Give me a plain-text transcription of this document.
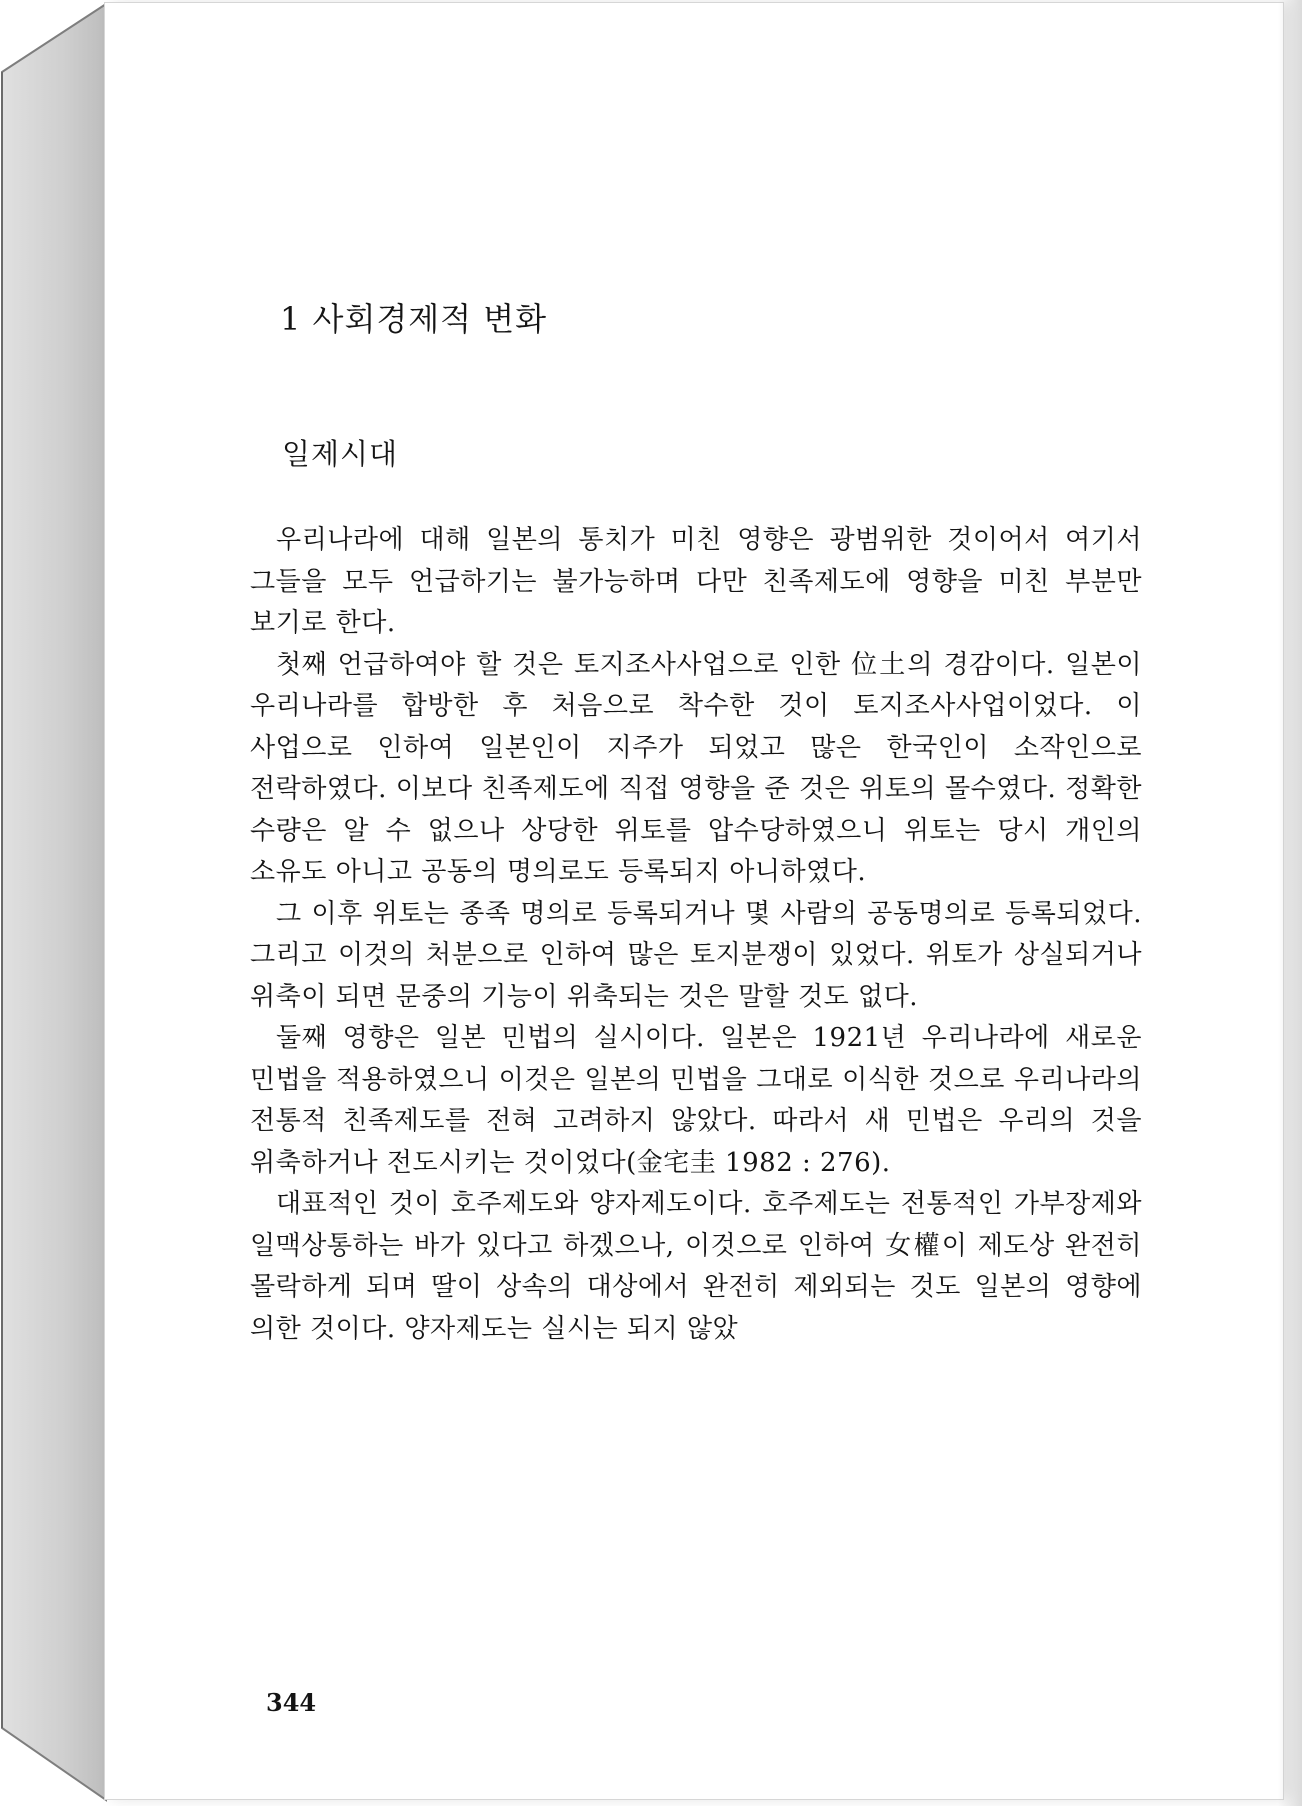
1 사회경제적 변화
일제시대

우리나라에 대해 일본의 통치가 미친 영향은 광범위한 것이어서 여기서 그들을 모두 언급하기는 불가능하며 다만 친족제도에 영향을 미친 부분만 보기로 한다.

첫째 언급하여야 할 것은 토지조사사업으로 인한 位土의 경감이다. 일본이 우리나라를 합방한 후 처음으로 착수한 것이 토지조사사업이었다. 이 사업으로 인하여 일본인이 지주가 되었고 많은 한국인이 소작인으로 전락하였다. 이보다 친족제도에 직접 영향을 준 것은 위토의 몰수였다. 정확한 수량은 알 수 없으나 상당한 위토를 압수당하였으니 위토는 당시 개인의 소유도 아니고 공동의 명의로도 등록되지 아니하였다.

그 이후 위토는 종족 명의로 등록되거나 몇 사람의 공동명의로 등록되었다. 그리고 이것의 처분으로 인하여 많은 토지분쟁이 있었다. 위토가 상실되거나 위축이 되면 문중의 기능이 위축되는 것은 말할 것도 없다.

둘째 영향은 일본 민법의 실시이다. 일본은 1921년 우리나라에 새로운 민법을 적용하였으니 이것은 일본의 민법을 그대로 이식한 것으로 우리나라의 전통적 친족제도를 전혀 고려하지 않았다. 따라서 새 민법은 우리의 것을 위축하거나 전도시키는 것이었다(金宅圭 1982 : 276).

대표적인 것이 호주제도와 양자제도이다. 호주제도는 전통적인 가부장제와 일맥상통하는 바가 있다고 하겠으나, 이것으로 인하여 女權이 제도상 완전히 몰락하게 되며 딸이 상속의 대상에서 완전히 제외되는 것도 일본의 영향에 의한 것이다. 양자제도는 실시는 되지 않았

344
